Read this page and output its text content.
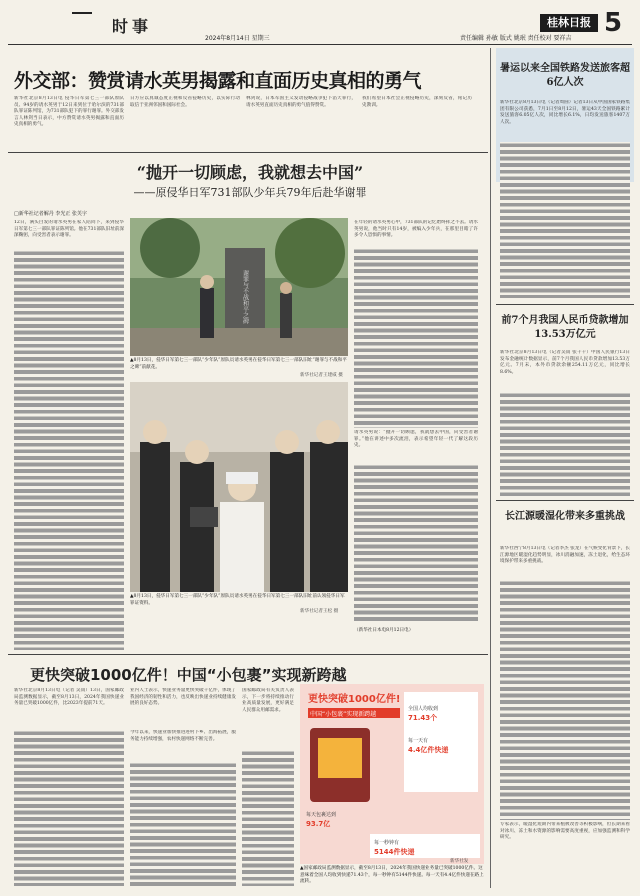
时事
2024年8月14日 星期三	责任编辑 孙敏 版式 姚珉 责任校对 要祥吉
桂林日报 5
外交部：赞赏请水英男揭露和直面历史真相的勇气
新华社北京8月13日电 侵华日军第七三一部队原队员、94岁的请水英男于12日来到位于哈尔滨的731部队罪证陈列馆，为731部队犯下的罪行谢罪。外交部发言人林剑当日表示，中方赞赏请水英男揭露和直面历史真相的勇气。
日方应以真诚态度正视和反省侵略历史，以实际行动取信于亚洲邻国和国际社会。
林剑说，日本军国主义发动侵略战争犯下滔天罪行，请水英男直面历史真相的勇气值得赞赏。
我们希望日本社会正视侵略历史，深刻反省，铭记历史教训。
“抛开一切顾虑，我就想去中国”
——原侵华日军731部队少年兵79年后赴华谢罪
□新华社记者解丹 李光正 张芙宇
12日，满头白发的请水英男在家人陪同下，来到侵华日军第七三一部队罪证陈列馆。他在731部队旧址前深深鞠躬，向受害者表示谢罪。
谢罪与不战和平之碑
▲8月13日，侵华日军第七三一部队“少年队”原队员请水英男在侵华日军第七三一部队旧址“谢罪与不战和平之碑”前献花。
新华社记者王建威 摄
▲8月13日，侵华日军第七三一部队“少年队”原队员请水英男在侵华日军第七三一部队旧址前认领侵华日军罪证资料。
新华社记者王松 摄
在年轻的请水英男心中，731部队的记忆始终挥之不去。请水英男说，他当时只有14岁，被编入少年兵，在那里目睹了许多令人恐惧的事情。
请水英男说：“抛开一切顾虑，我就想去中国，向受害者谢罪。”他在讲述中多次流泪，表示希望年轻一代了解这段历史。
（新华社日本电8月12日电）
更快突破1000亿件！中国“小包裹”实现新跨越
新华社北京8月13日电（记者 吴雨）13日，国家邮政局监测数据显示，截至8月13日，2024年我国快递业务量已突破1000亿件，比2023年提前71天。
业内人士表示，快递业务量更快突破千亿件，体现了我国经济的韧性和活力，也反映出快递业持续健康发展的良好态势。
今年以来，快递业加快推进进村下乡、出海拓展，服务能力持续增强，农村快递网络不断完善。
国家邮政局有关负责人表示，下一步将持续推动行业高质量发展，更好满足人民群众用邮需求。
更快突破1000亿件!
中国“小包裹”实现新跨越
每天包裹达到
93.7亿
全国人均收到
71.43个
每一天有
4.4亿件快递
每一秒钟有
5144件快递
▲国家邮政局监测数据显示，截至8月13日，2024年我国快递业务量已突破1000亿件。这意味着全国人均收到快递71.43个，每一秒钟有5144件快递。每一天有4.4亿件快递在路上流转。
新华社发
暑运以来全国铁路发送旅客超6亿人次
新华社北京8月13日电（记者周圆）记者13日从中国国家铁路集团有限公司获悉，7月1日至8月12日，暑运43天全国铁路累计发送旅客6.05亿人次，同比增长6.1%，日均发送旅客1407万人次。
前7个月我国人民币贷款增加13.53万亿元
新华社北京8月13日电（记者吴雨 张千千）中国人民银行13日发布金融统计数据显示，前7个月我国人民币贷款增加13.53万亿元。7月末，本外币贷款余额254.11万亿元，同比增长8.6%。
长江源暖湿化带来多重挑战
新华社西宁8月13日电（记者李杰 张龙）在气候变化背景下，长江源地区暖湿化趋势明显，冰川消融加速，冻土退化，给生态环境保护带来多重挑战。
专家表示，暖湿化短期内带来植被改善等积极影响，但长期来看对冰川、冻土和水资源的影响需要高度重视，应加强监测和科学研究。
